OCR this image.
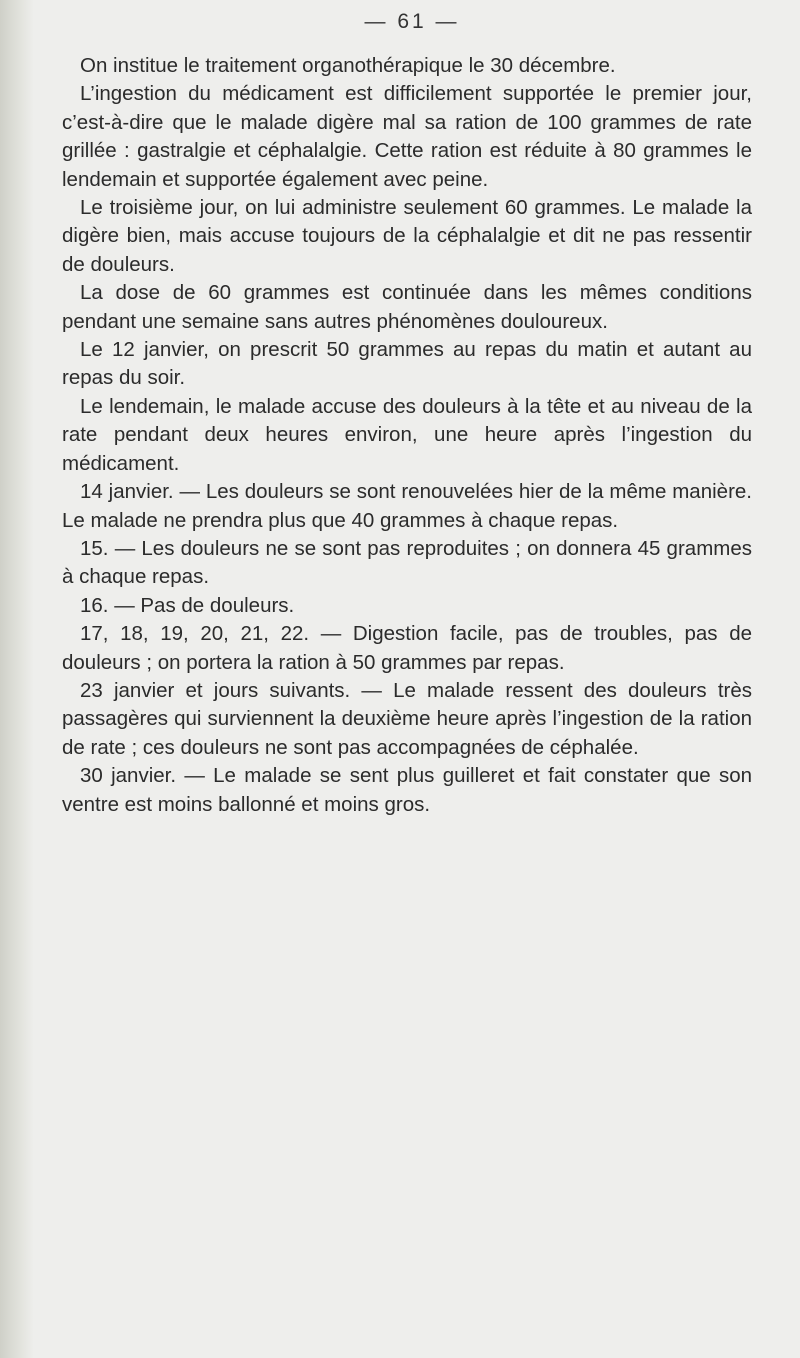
— 61 —

On institue le traitement organothérapique le 30 décembre.

L’ingestion du médicament est difficilement supportée le premier jour, c’est-à-dire que le malade digère mal sa ration de 100 grammes de rate grillée : gastralgie et céphalalgie. Cette ration est réduite à 80 grammes le lendemain et supportée également avec peine.

Le troisième jour, on lui administre seulement 60 grammes. Le malade la digère bien, mais accuse toujours de la céphalalgie et dit ne pas ressentir de douleurs.

La dose de 60 grammes est continuée dans les mêmes conditions pendant une semaine sans autres phénomènes douloureux.

Le 12 janvier, on prescrit 50 grammes au repas du matin et autant au repas du soir.

Le lendemain, le malade accuse des douleurs à la tête et au niveau de la rate pendant deux heures environ, une heure après l’ingestion du médicament.

14 janvier. — Les douleurs se sont renouvelées hier de la même manière. Le malade ne prendra plus que 40 grammes à chaque repas.

15. — Les douleurs ne se sont pas reproduites ; on donnera 45 grammes à chaque repas.

16. — Pas de douleurs.

17, 18, 19, 20, 21, 22. — Digestion facile, pas de troubles, pas de douleurs ; on portera la ration à 50 grammes par repas.

23 janvier et jours suivants. — Le malade ressent des douleurs très passagères qui surviennent la deuxième heure après l’ingestion de la ration de rate ; ces douleurs ne sont pas accompagnées de céphalée.

30 janvier. — Le malade se sent plus guilleret et fait constater que son ventre est moins ballonné et moins gros.
